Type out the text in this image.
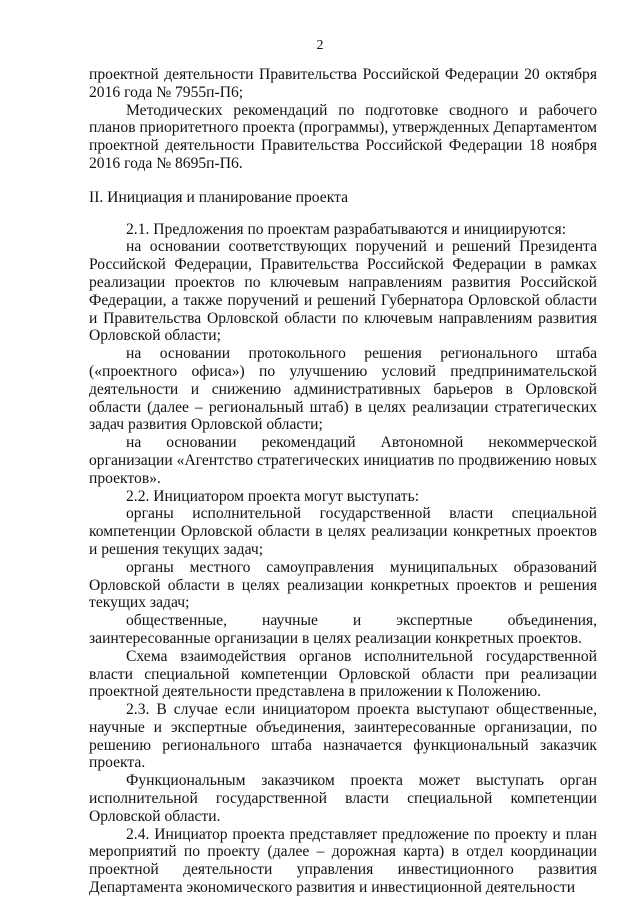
2

проектной деятельности Правительства Российской Федерации 20 октября 2016 года № 7955п-П6;

Методических рекомендаций по подготовке сводного и рабочего планов приоритетного проекта (программы), утвержденных Департаментом проектной деятельности Правительства Российской Федерации 18 ноября 2016 года № 8695п-П6.

II. Инициация и планирование проекта

2.1. Предложения по проектам разрабатываются и инициируются:

на основании соответствующих поручений и решений Президента Российской Федерации, Правительства Российской Федерации в рамках реализации проектов по ключевым направлениям развития Российской Федерации, а также поручений и решений Губернатора Орловской области и Правительства Орловской области по ключевым направлениям развития Орловской области;

на основании протокольного решения регионального штаба («проектного офиса») по улучшению условий предпринимательской деятельности и снижению административных барьеров в Орловской области (далее – региональный штаб) в целях реализации стратегических задач развития Орловской области;

на основании рекомендаций Автономной некоммерческой организации «Агентство стратегических инициатив по продвижению новых проектов».

2.2. Инициатором проекта могут выступать:

органы исполнительной государственной власти специальной компетенции Орловской области в целях реализации конкретных проектов и решения текущих задач;

органы местного самоуправления муниципальных образований Орловской области в целях реализации конкретных проектов и решения текущих задач;

общественные, научные и экспертные объединения, заинтересованные организации в целях реализации конкретных проектов.

Схема взаимодействия органов исполнительной государственной власти специальной компетенции Орловской области при реализации проектной деятельности представлена в приложении к Положению.

2.3. В случае если инициатором проекта выступают общественные, научные и экспертные объединения, заинтересованные организации, по решению регионального штаба назначается функциональный заказчик проекта.

Функциональным заказчиком проекта может выступать орган исполнительной государственной власти специальной компетенции Орловской области.

2.4. Инициатор проекта представляет предложение по проекту и план мероприятий по проекту (далее – дорожная карта) в отдел координации проектной деятельности управления инвестиционного развития Департамента экономического развития и инвестиционной деятельности
